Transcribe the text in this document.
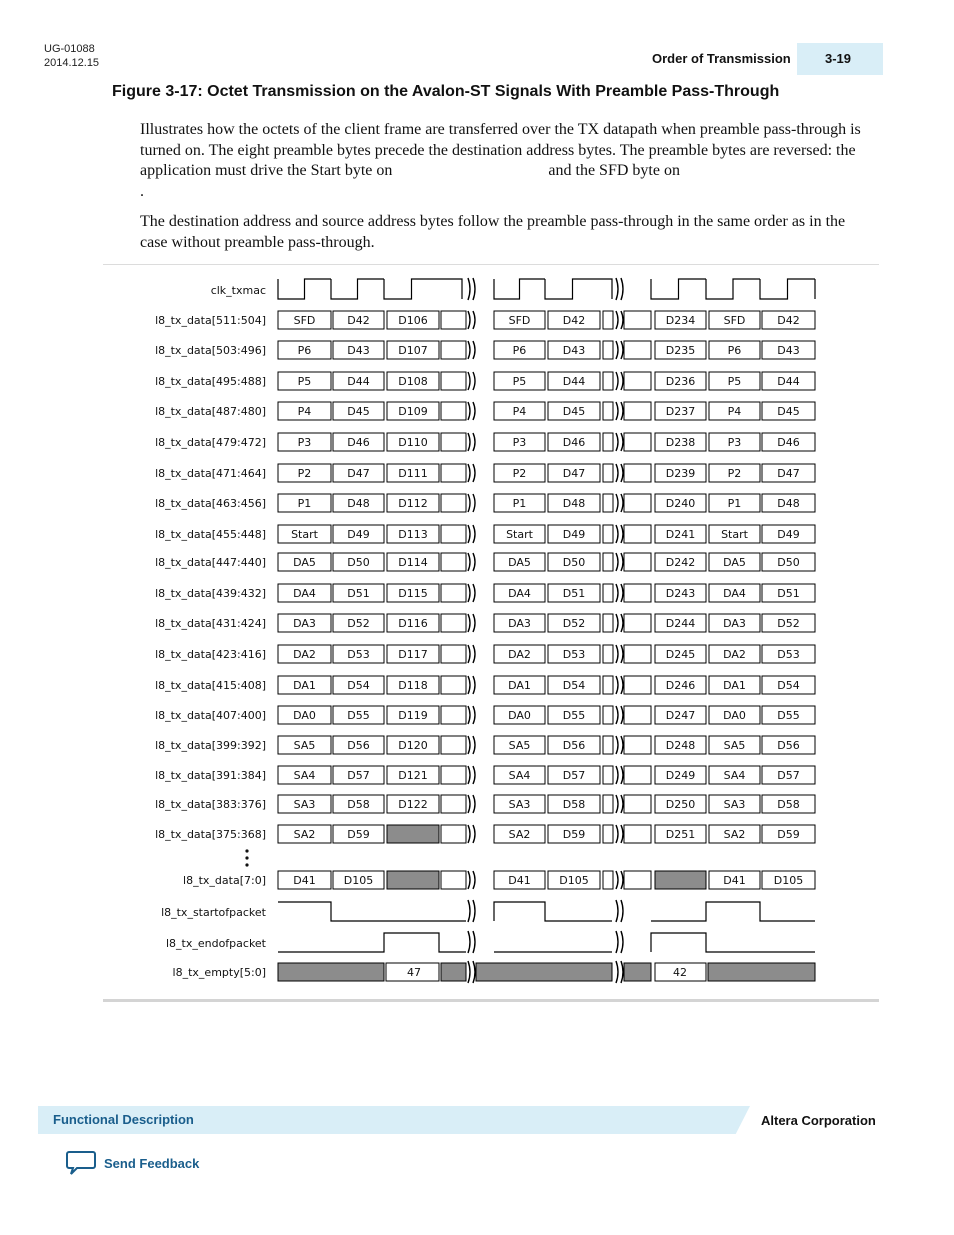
UG-01088
2014.12.15	Order of Transmission	3-19
Figure 3-17: Octet Transmission on the Avalon-ST Signals With Preamble Pass-Through
Illustrates how the octets of the client frame are transferred over the TX datapath when preamble pass-through is turned on. The eight preamble bytes precede the destination address bytes. The preamble bytes are reversed: the application must drive the Start byte on                                       and the SFD byte on
.
The destination address and source address bytes follow the preamble pass-through in the same order as in the case without preamble pass-through.
clk_txmac
l8_tx_data[511:504]	SFD	D42	D106	SFD	D42	D234	SFD	D42
l8_tx_data[503:496]	P6	D43	D107	P6	D43	D235	P6	D43
l8_tx_data[495:488]	P5	D44	D108	P5	D44	D236	P5	D44
l8_tx_data[487:480]	P4	D45	D109	P4	D45	D237	P4	D45
l8_tx_data[479:472]	P3	D46	D110	P3	D46	D238	P3	D46
l8_tx_data[471:464]	P2	D47	D111	P2	D47	D239	P2	D47
l8_tx_data[463:456]	P1	D48	D112	P1	D48	D240	P1	D48
l8_tx_data[455:448] Start	D49	D113	Start	D49	D241 Start	D49
l8_tx_data[447:440] DA5	D50	D114	DA5	D50	D242	DA5	D50
l8_tx_data[439:432] DA4	D51	D115	DA4	D51	D243	DA4	D51
l8_tx_data[431:424] DA3	D52	D116	DA3	D52	D244	DA3	D52
l8_tx_data[423:416] DA2	D53	D117	DA2	D53	D245	DA2	D53
l8_tx_data[415:408] DA1	D54	D118	DA1	D54	D246	DA1	D54
l8_tx_data[407:400] DA0	D55	D119	DA0	D55	D247	DA0	D55
l8_tx_data[399:392]	SA5	D56	D120	SA5	D56	D248	SA5	D56
l8_tx_data[391:384]	SA4	D57	D121	SA4	D57	D249	SA4	D57
l8_tx_data[383:376]	SA3	D58	D122	SA3	D58	D250	SA3	D58
l8_tx_data[375:368]	SA2	D59	SA2	D59	D251	SA2	D59
l8_tx_data[7:0] D41	D105	D41	D105	D41	D105
l8_tx_startofpacket
l8_tx_endofpacket
l8_tx_empty[5:0]	47	42
Functional Description	Altera Corporation
Send Feedback
